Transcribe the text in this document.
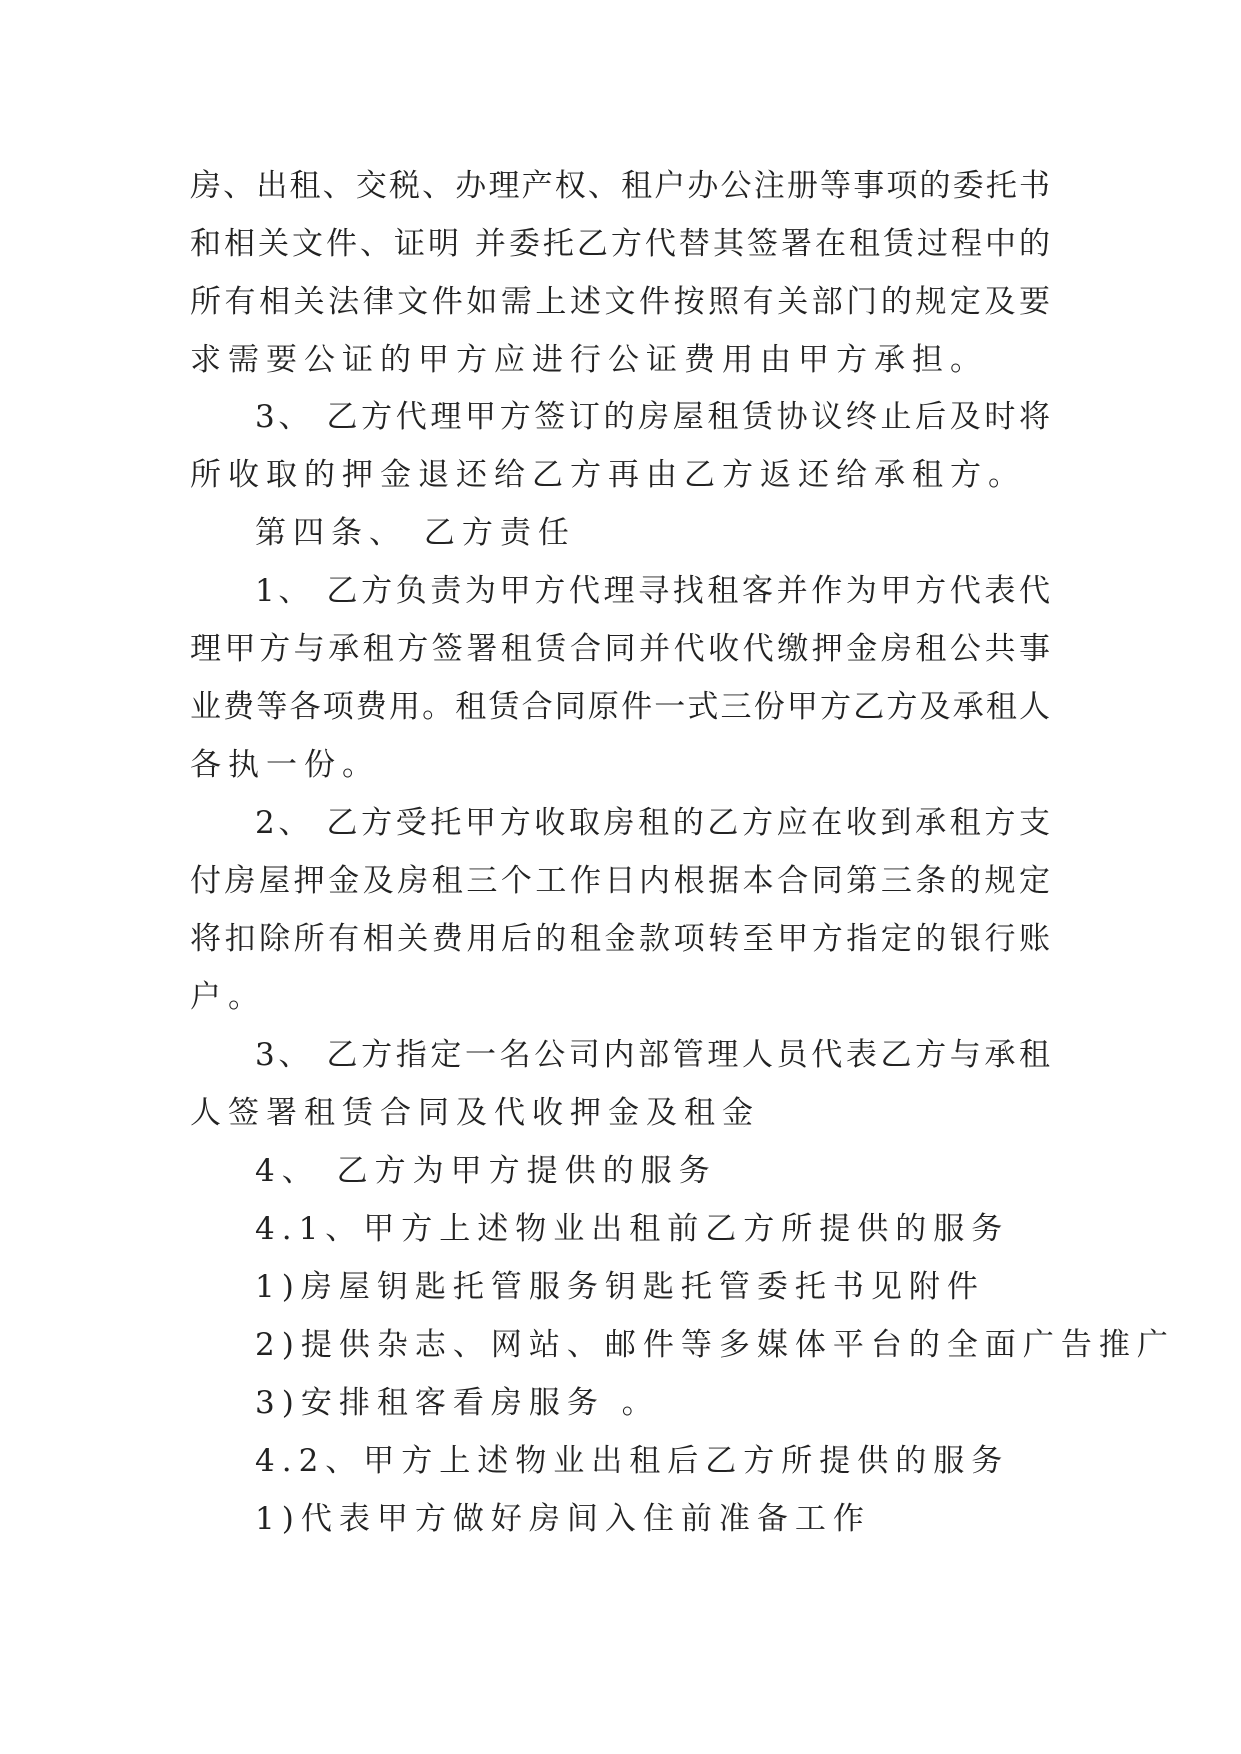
房、出租、交税、办理产权、租户办公注册等事项的委托书
和相关文件、证明 并委托乙方代替其签署在租赁过程中的
所有相关法律文件如需上述文件按照有关部门的规定及要
求需要公证的甲方应进行公证费用由甲方承担。
3、 乙方代理甲方签订的房屋租赁协议终止后及时将
所收取的押金退还给乙方再由乙方返还给承租方。
第四条、 乙方责任
1、 乙方负责为甲方代理寻找租客并作为甲方代表代
理甲方与承租方签署租赁合同并代收代缴押金房租公共事
业费等各项费用。租赁合同原件一式三份甲方乙方及承租人
各执一份。
2、 乙方受托甲方收取房租的乙方应在收到承租方支
付房屋押金及房租三个工作日内根据本合同第三条的规定
将扣除所有相关费用后的租金款项转至甲方指定的银行账
户。
3、 乙方指定一名公司内部管理人员代表乙方与承租
人签署租赁合同及代收押金及租金
4、 乙方为甲方提供的服务
4.1、甲方上述物业出租前乙方所提供的服务
1)房屋钥匙托管服务钥匙托管委托书见附件
2)提供杂志、网站、邮件等多媒体平台的全面广告推广
3)安排租客看房服务 。
4.2、甲方上述物业出租后乙方所提供的服务
1)代表甲方做好房间入住前准备工作
